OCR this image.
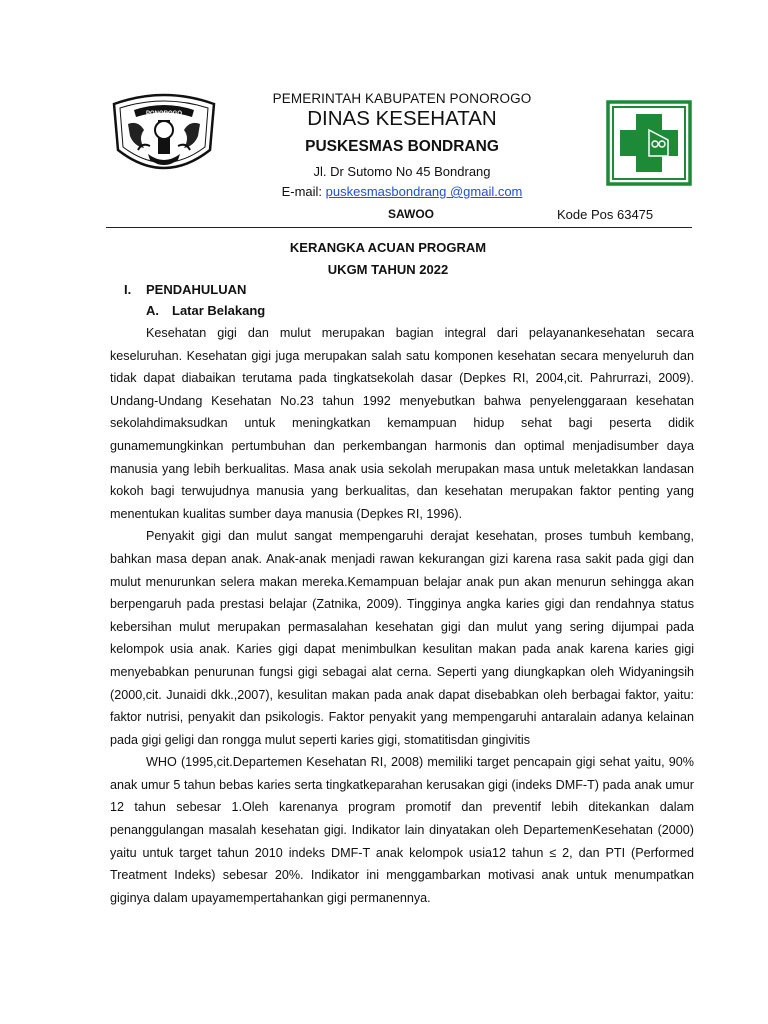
PONOROGO
PEMERINTAH KABUPATEN PONOROGO
DINAS KESEHATAN
PUSKESMAS BONDRANG
Jl. Dr Sutomo No 45 Bondrang
E-mail: puskesmasbondrang @gmail.com
SAWOO	Kode Pos 63475
KERANGKA ACUAN PROGRAM
UKGM TAHUN 2022
I. PENDAHULUAN
A. Latar Belakang

Kesehatan gigi dan mulut merupakan bagian integral dari pelayanankesehatan secara keseluruhan. Kesehatan gigi juga merupakan salah satu komponen kesehatan secara menyeluruh dan tidak dapat diabaikan terutama pada tingkatsekolah dasar (Depkes RI, 2004,cit. Pahrurrazi, 2009). Undang-Undang Kesehatan No.23 tahun 1992 menyebutkan bahwa penyelenggaraan kesehatan sekolahdimaksudkan untuk meningkatkan kemampuan hidup sehat bagi peserta didik gunamemungkinkan pertumbuhan dan perkembangan harmonis dan optimal menjadisumber daya manusia yang lebih berkualitas. Masa anak usia sekolah merupakan masa untuk meletakkan landasan kokoh bagi terwujudnya manusia yang berkualitas, dan kesehatan merupakan faktor penting yang menentukan kualitas sumber daya manusia (Depkes RI, 1996).

Penyakit gigi dan mulut sangat mempengaruhi derajat kesehatan, proses tumbuh kembang, bahkan masa depan anak. Anak-anak menjadi rawan kekurangan gizi karena rasa sakit pada gigi dan mulut menurunkan selera makan mereka.Kemampuan belajar anak pun akan menurun sehingga akan berpengaruh pada prestasi belajar (Zatnika, 2009). Tingginya angka karies gigi dan rendahnya status kebersihan mulut merupakan permasalahan kesehatan gigi dan mulut yang sering dijumpai pada kelompok usia anak. Karies gigi dapat menimbulkan kesulitan makan pada anak karena karies gigi menyebabkan penurunan fungsi gigi sebagai alat cerna. Seperti yang diungkapkan oleh Widyaningsih (2000,cit. Junaidi dkk.,2007), kesulitan makan pada anak dapat disebabkan oleh berbagai faktor, yaitu: faktor nutrisi, penyakit dan psikologis. Faktor penyakit yang mempengaruhi antaralain adanya kelainan pada gigi geligi dan rongga mulut seperti karies gigi, stomatitisdan gingivitis

WHO (1995,cit.Departemen Kesehatan RI, 2008) memiliki target pencapain gigi sehat yaitu, 90% anak umur 5 tahun bebas karies serta tingkatkeparahan kerusakan gigi (indeks DMF-T) pada anak umur 12 tahun sebesar 1.Oleh karenanya program promotif dan preventif lebih ditekankan dalam penanggulangan masalah kesehatan gigi. Indikator lain dinyatakan oleh DepartemenKesehatan (2000) yaitu untuk target tahun 2010 indeks DMF-T anak kelompok usia12 tahun ≤ 2, dan PTI (Performed Treatment Indeks) sebesar 20%. Indikator ini menggambarkan motivasi anak untuk menumpatkan giginya dalam upayamempertahankan gigi permanennya.
